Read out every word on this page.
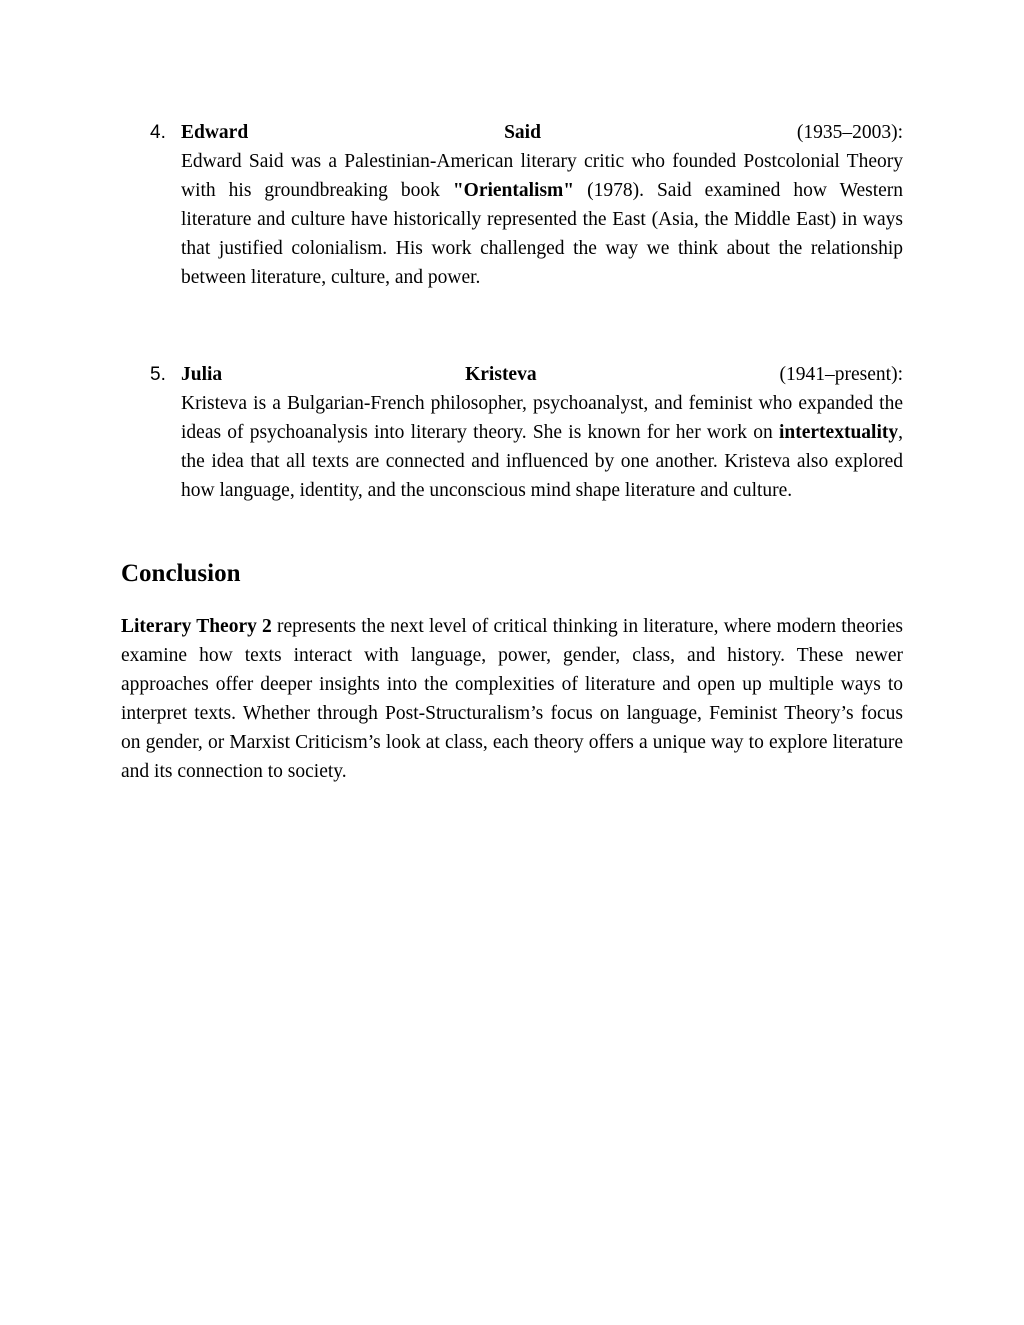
4. Edward	Said	(1935–2003):
Edward Said was a Palestinian-American literary critic who founded Postcolonial Theory with his groundbreaking book "Orientalism" (1978). Said examined how Western literature and culture have historically represented the East (Asia, the Middle East) in ways that justified colonialism. His work challenged the way we think about the relationship between literature, culture, and power.
5. Julia	Kristeva	(1941–present):
Kristeva is a Bulgarian-French philosopher, psychoanalyst, and feminist who expanded the ideas of psychoanalysis into literary theory. She is known for her work on intertextuality, the idea that all texts are connected and influenced by one another. Kristeva also explored how language, identity, and the unconscious mind shape literature and culture.
Conclusion

Literary Theory 2 represents the next level of critical thinking in literature, where modern theories examine how texts interact with language, power, gender, class, and history. These newer approaches offer deeper insights into the complexities of literature and open up multiple ways to interpret texts. Whether through Post-Structuralism’s focus on language, Feminist Theory’s focus on gender, or Marxist Criticism’s look at class, each theory offers a unique way to explore literature and its connection to society.
